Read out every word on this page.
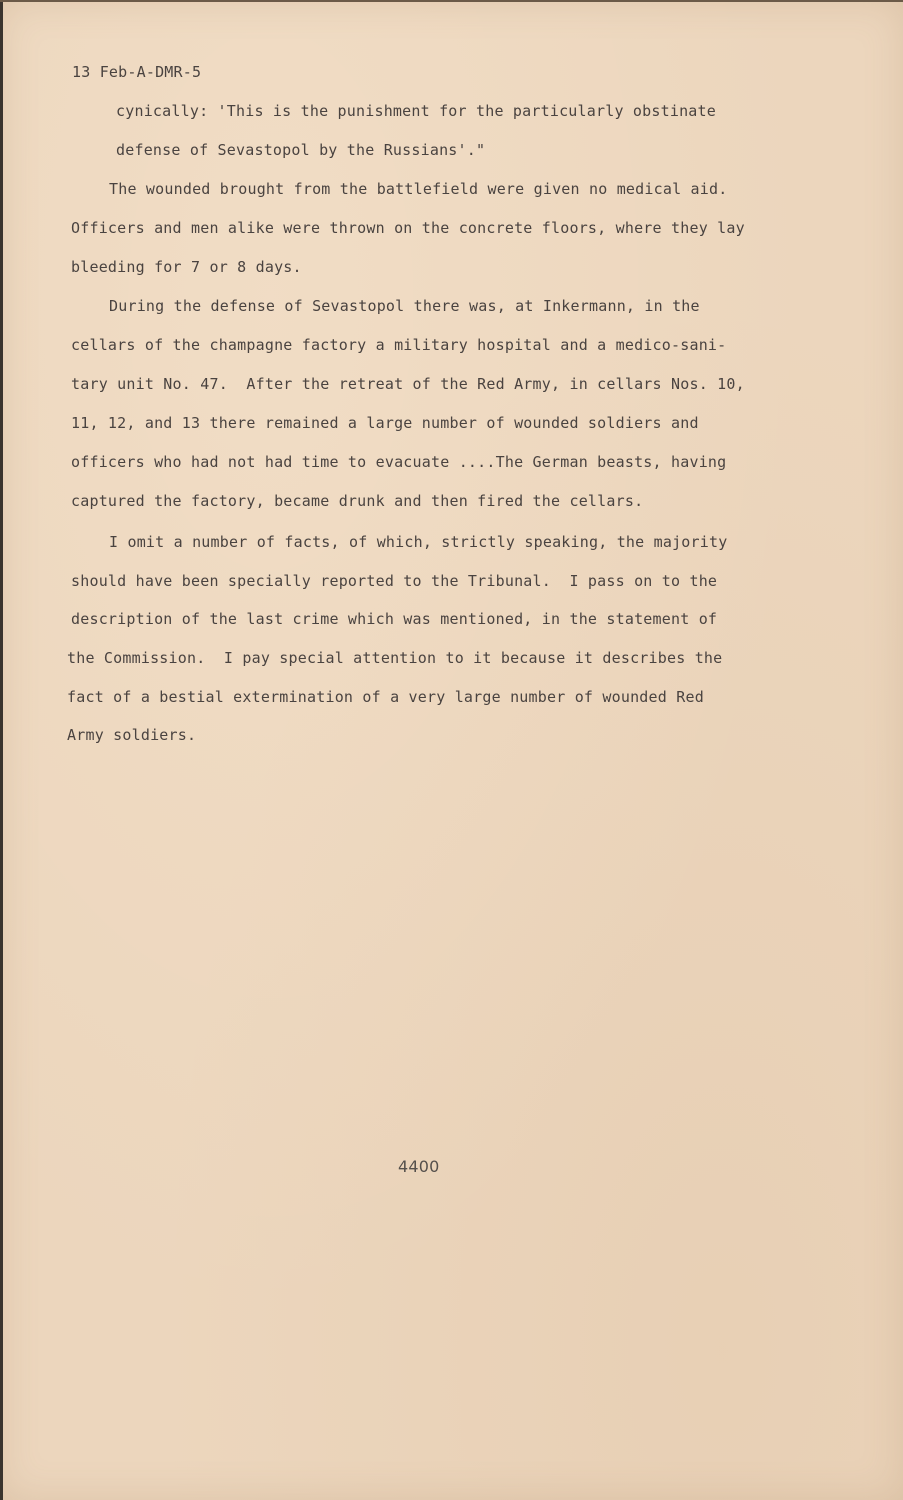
13 Feb-A-DMR-5
cynically: 'This is the punishment for the particularly obstinate
defense of Sevastopol by the Russians'."
The wounded brought from the battlefield were given no medical aid.
Officers and men alike were thrown on the concrete floors, where they lay
bleeding for 7 or 8 days.
During the defense of Sevastopol there was, at Inkermann, in the
cellars of the champagne factory a military hospital and a medico-sani-
tary unit No. 47.  After the retreat of the Red Army, in cellars Nos. 10,
11, 12, and 13 there remained a large number of wounded soldiers and
officers who had not had time to evacuate ....The German beasts, having
captured the factory, became drunk and then fired the cellars.
I omit a number of facts, of which, strictly speaking, the majority
should have been specially reported to the Tribunal.  I pass on to the
description of the last crime which was mentioned, in the statement of
the Commission.  I pay special attention to it because it describes the
fact of a bestial extermination of a very large number of wounded Red
Army soldiers.
4400
